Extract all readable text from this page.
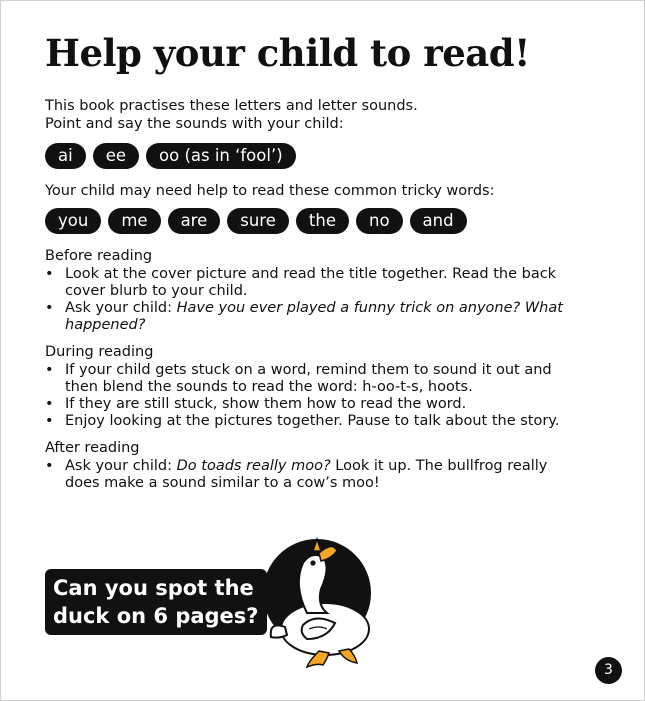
Help your child to read!

This book practises these letters and letter sounds.

Point and say the sounds with your child:

ai	ee	oo (as in ‘fool’)

Your child may need help to read these common tricky words:

you	me	are	sure	the	no	and

Before reading

• Look at the cover picture and read the title together. Read the back cover blurb to your child.
• Ask your child: Have you ever played a funny trick on anyone? What happened?

During reading

• If your child gets stuck on a word, remind them to sound it out and then blend the sounds to read the word: h-oo-t-s, hoots.
• If they are still stuck, show them how to read the word.
• Enjoy looking at the pictures together. Pause to talk about the story.

After reading

• Ask your child: Do toads really moo? Look it up. The bullfrog really does make a sound similar to a cow’s moo!
Can you spot the
duck on 6 pages?
3
